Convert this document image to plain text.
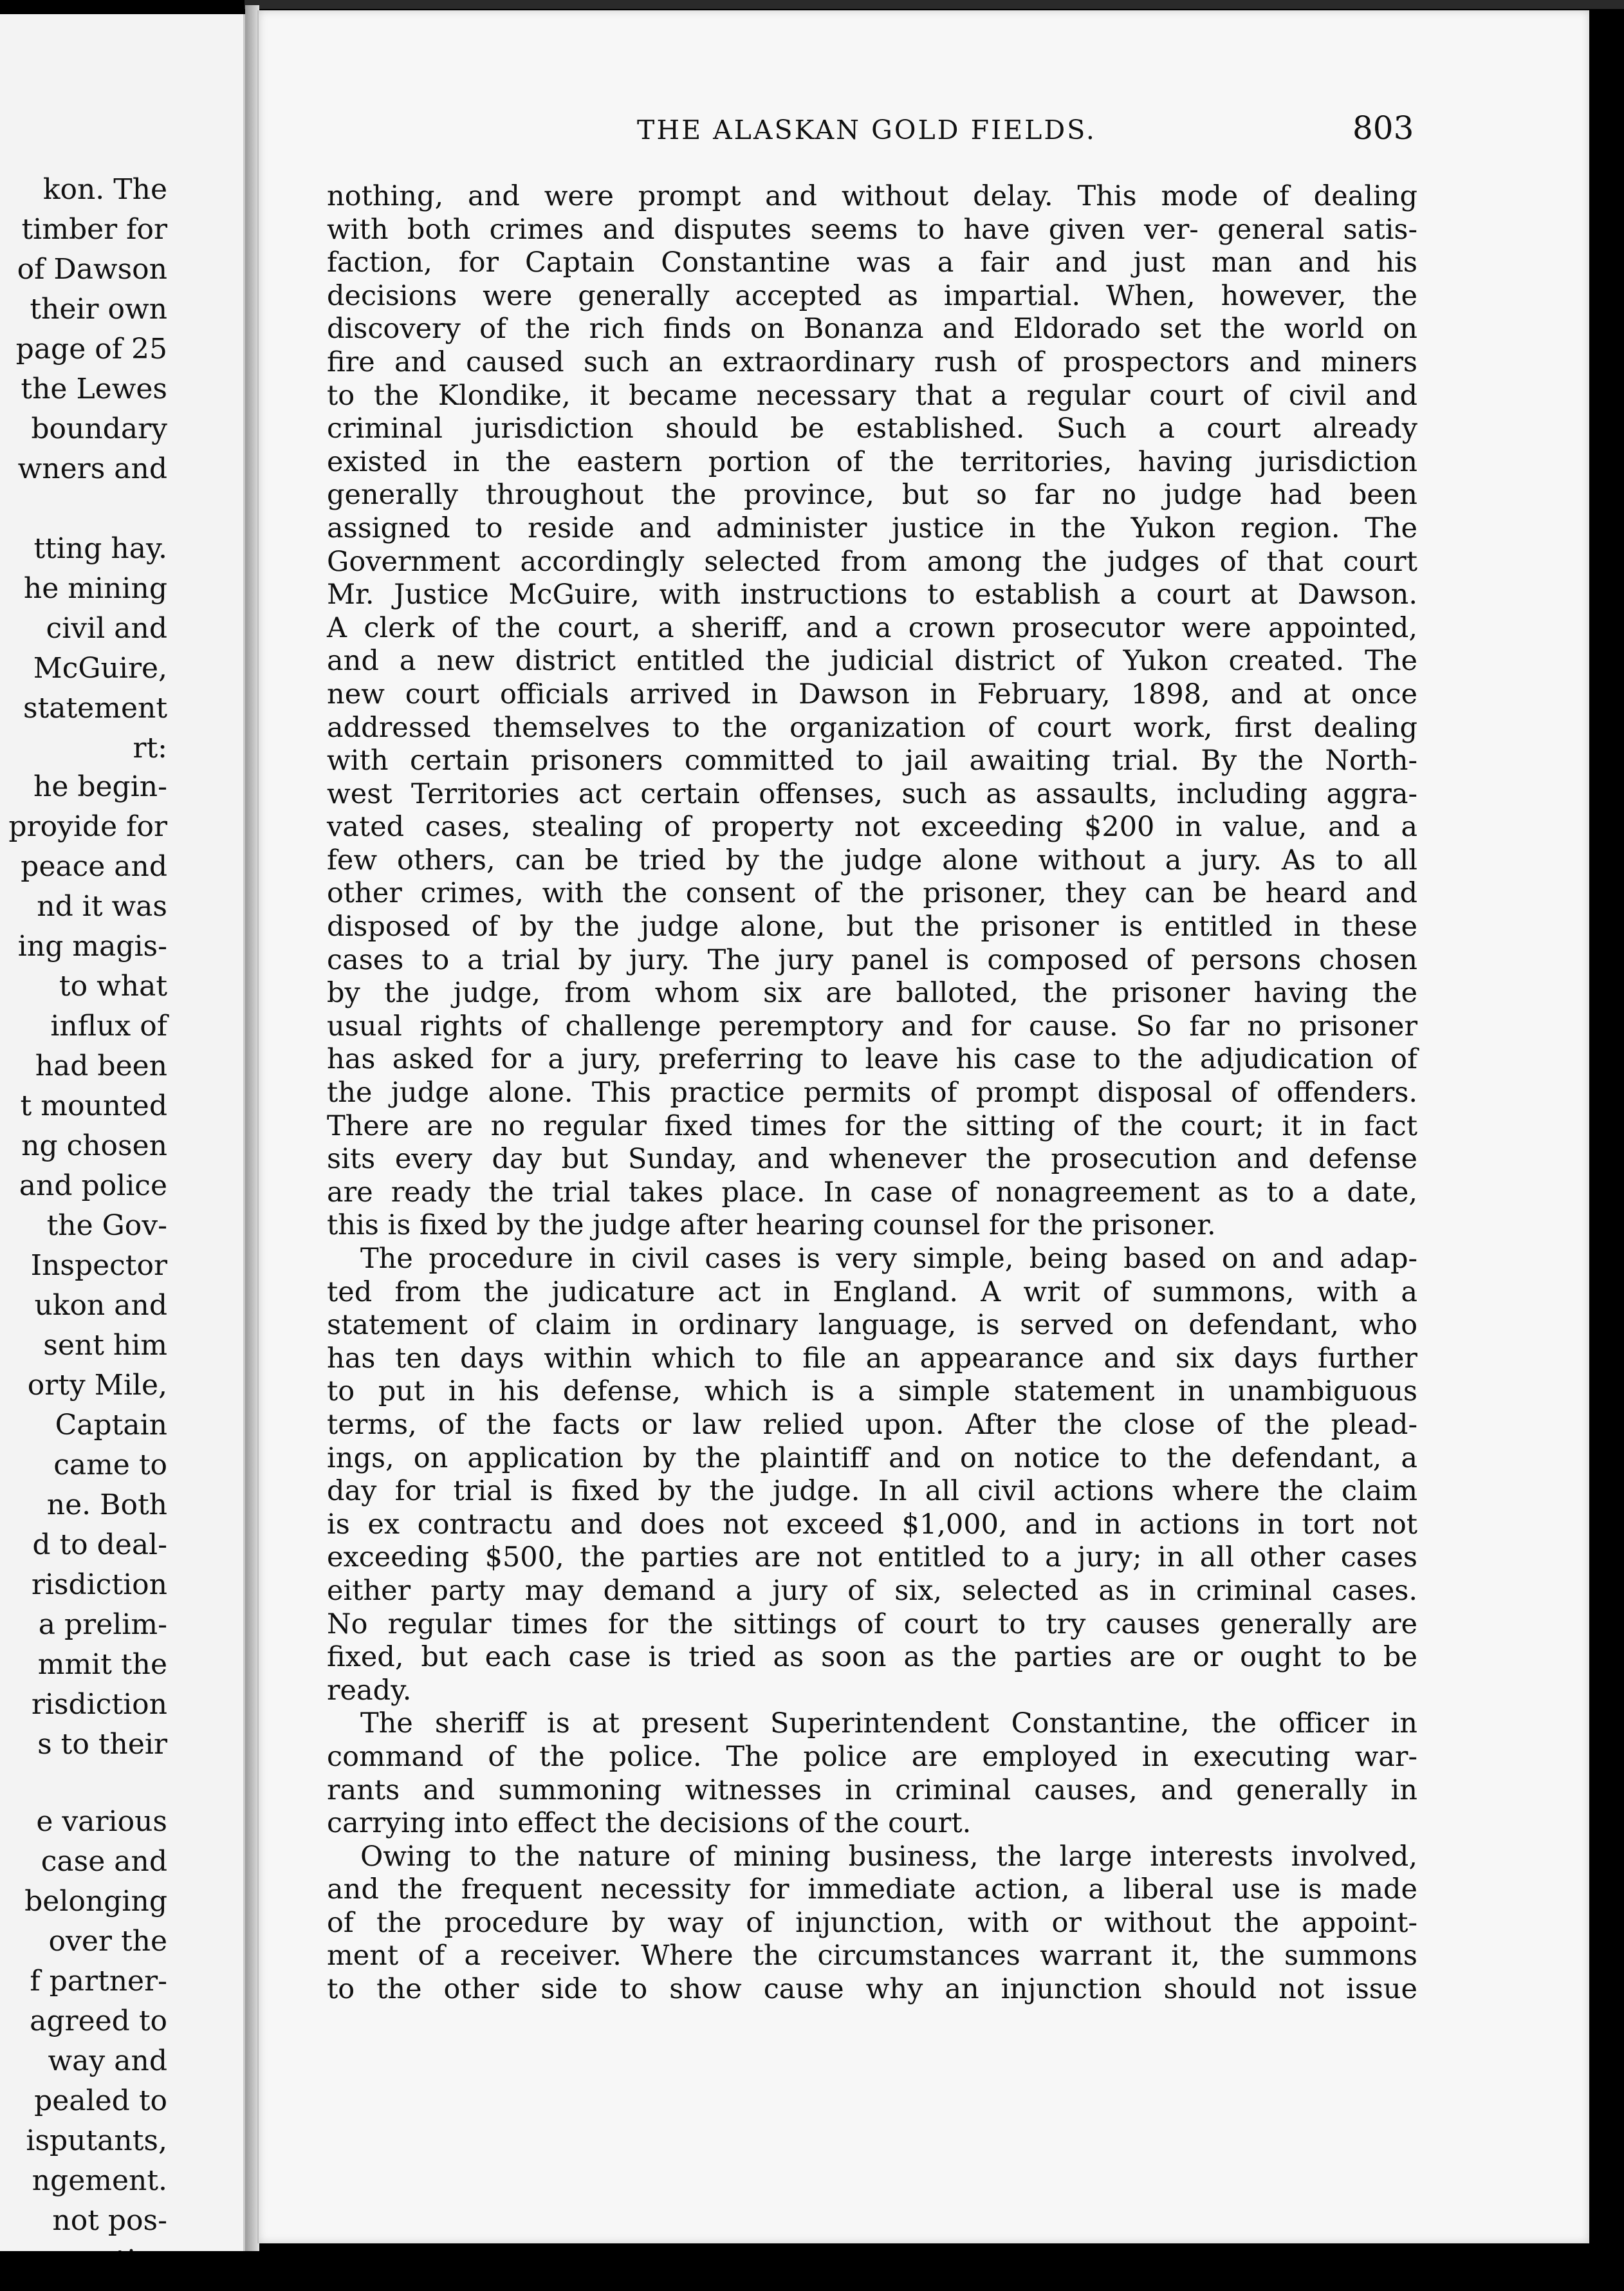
kon. The
timber for
of Dawson
their own
page of 25
the Lewes
boundary
wners and
tting hay.
he mining
civil and
McGuire,
statement
rt:
he begin-
proyide for
peace and
nd it was
ing magis-
to what
influx of
had been
t mounted
ng chosen
and police
the Gov-
Inspector
ukon and
sent him
orty Mile,
Captain
came to
ne. Both
d to deal-
risdiction
a prelim-
mmit the
risdiction
s to their
e various
case and
belonging
over the
f partner-
agreed to
way and
pealed to
isputants,
ngement.
not pos-
THE ALASKAN GOLD FIELDS.	803
nothing, and were prompt and without delay. This mode of dealing
with both crimes and disputes seems to have given ver- general satis-
faction, for Captain Constantine was a fair and just man and his
decisions were generally accepted as impartial. When, however, the
discovery of the rich finds on Bonanza and Eldorado set the world on
fire and caused such an extraordinary rush of prospectors and miners
to the Klondike, it became necessary that a regular court of civil and
criminal jurisdiction should be established. Such a court already
existed in the eastern portion of the territories, having jurisdiction
generally throughout the province, but so far no judge had been
assigned to reside and administer justice in the Yukon region. The
Government accordingly selected from among the judges of that court
Mr. Justice McGuire, with instructions to establish a court at Dawson.
A clerk of the court, a sheriff, and a crown prosecutor were appointed,
and a new district entitled the judicial district of Yukon created. The
new court officials arrived in Dawson in February, 1898, and at once
addressed themselves to the organization of court work, first dealing
with certain prisoners committed to jail awaiting trial. By the North-
west Territories act certain offenses, such as assaults, including aggra-
vated cases, stealing of property not exceeding $200 in value, and a
few others, can be tried by the judge alone without a jury. As to all
other crimes, with the consent of the prisoner, they can be heard and
disposed of by the judge alone, but the prisoner is entitled in these
cases to a trial by jury. The jury panel is composed of persons chosen
by the judge, from whom six are balloted, the prisoner having the
usual rights of challenge peremptory and for cause. So far no prisoner
has asked for a jury, preferring to leave his case to the adjudication of
the judge alone. This practice permits of prompt disposal of offenders.
There are no regular fixed times for the sitting of the court; it in fact
sits every day but Sunday, and whenever the prosecution and defense
are ready the trial takes place. In case of nonagreement as to a date,
this is fixed by the judge after hearing counsel for the prisoner.
The procedure in civil cases is very simple, being based on and adap-
ted from the judicature act in England. A writ of summons, with a
statement of claim in ordinary language, is served on defendant, who
has ten days within which to file an appearance and six days further
to put in his defense, which is a simple statement in unambiguous
terms, of the facts or law relied upon. After the close of the plead-
ings, on application by the plaintiff and on notice to the defendant, a
day for trial is fixed by the judge. In all civil actions where the claim
is ex contractu and does not exceed $1,000, and in actions in tort not
exceeding $500, the parties are not entitled to a jury; in all other cases
either party may demand a jury of six, selected as in criminal cases.
No regular times for the sittings of court to try causes generally are
fixed, but each case is tried as soon as the parties are or ought to be
ready.
The sheriff is at present Superintendent Constantine, the officer in
command of the police. The police are employed in executing war-
rants and summoning witnesses in criminal causes, and generally in
carrying into effect the decisions of the court.
Owing to the nature of mining business, the large interests involved,
and the frequent necessity for immediate action, a liberal use is made
of the procedure by way of injunction, with or without the appoint-
ment of a receiver. Where the circumstances warrant it, the summons
to the other side to show cause why an injunction should not issue
